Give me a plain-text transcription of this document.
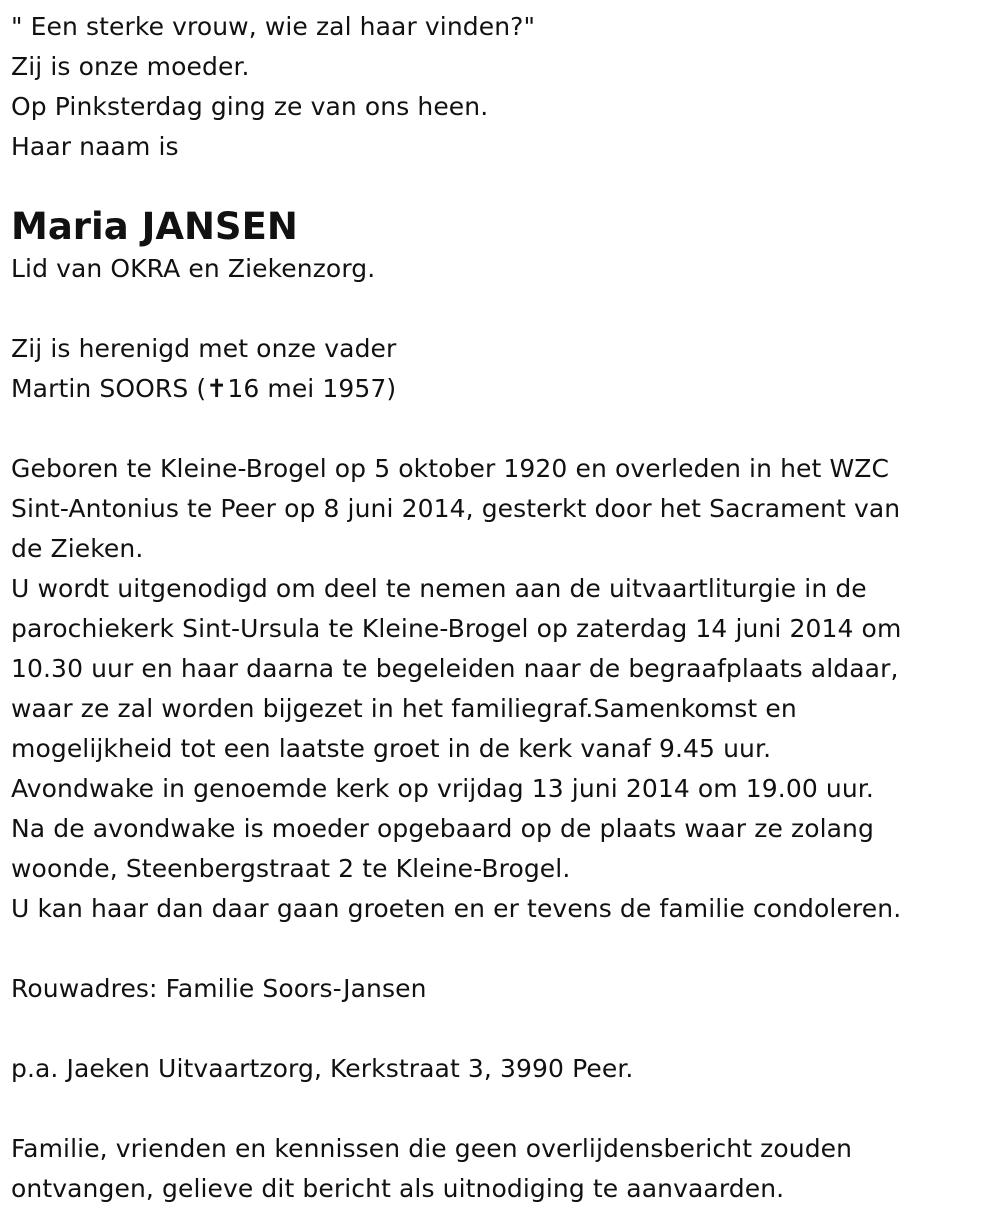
" Een sterke vrouw, wie zal haar vinden?"
Zij is onze moeder.
Op Pinksterdag ging ze van ons heen.
Haar naam is
Maria JANSEN
Lid van OKRA en Ziekenzorg.
Zij is herenigd met onze vader
Martin SOORS (✝16 mei 1957)
Geboren te Kleine-Brogel op 5 oktober 1920 en overleden in het WZC
Sint-Antonius te Peer op 8 juni 2014, gesterkt door het Sacrament van
de Zieken.
U wordt uitgenodigd om deel te nemen aan de uitvaartliturgie in de
parochiekerk Sint-Ursula te Kleine-Brogel op zaterdag 14 juni 2014 om
10.30 uur en haar daarna te begeleiden naar de begraafplaats aldaar,
waar ze zal worden bijgezet in het familiegraf.Samenkomst en
mogelijkheid tot een laatste groet in de kerk vanaf 9.45 uur.
Avondwake in genoemde kerk op vrijdag 13 juni 2014 om 19.00 uur.
Na de avondwake is moeder opgebaard op de plaats waar ze zolang
woonde, Steenbergstraat 2 te Kleine-Brogel.
U kan haar dan daar gaan groeten en er tevens de familie condoleren.
Rouwadres: Familie Soors-Jansen
p.a. Jaeken Uitvaartzorg, Kerkstraat 3, 3990 Peer.
Familie, vrienden en kennissen die geen overlijdensbericht zouden
ontvangen, gelieve dit bericht als uitnodiging te aanvaarden.
